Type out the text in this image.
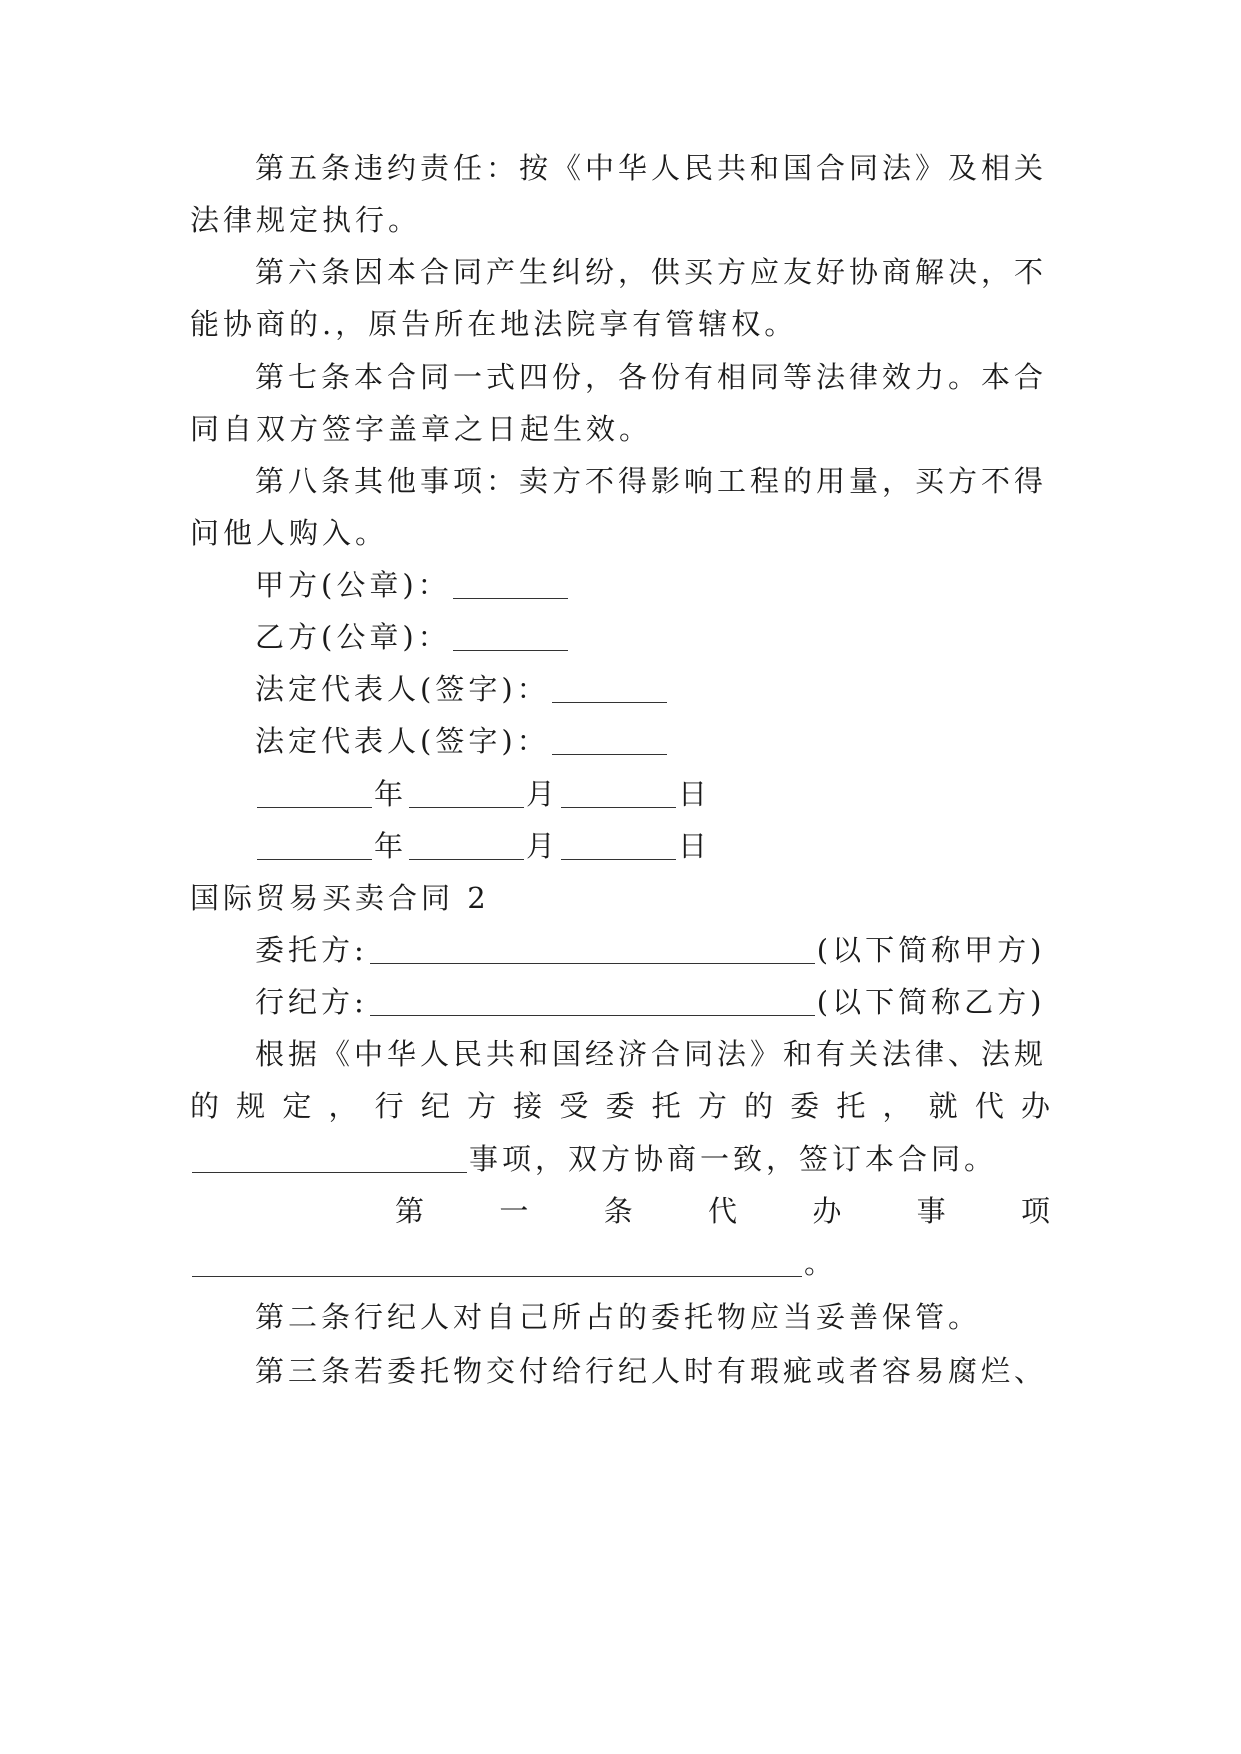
第五条违约责任：按《中华人民共和国合同法》及相关
法律规定执行。
第六条因本合同产生纠纷，供买方应友好协商解决，不
能协商的.，原告所在地法院享有管辖权。
第七条本合同一式四份，各份有相同等法律效力。本合
同自双方签字盖章之日起生效。
第八条其他事项：卖方不得影响工程的用量，买方不得
问他人购入。
甲方(公章)：
乙方(公章)：
法定代表人(签字)：
法定代表人(签字)：
年	月	日
年	月	日
国际贸易买卖合同 2
委托方:	(以下简称甲方)
行纪方:	(以下简称乙方)
根据《中华人民共和国经济合同法》和有关法律、法规
的规定，行纪方接受委托方的委托，就代办
事项，双方协商一致，签订本合同。
第	一	条	代	办	事	项
。
第二条行纪人对自己所占的委托物应当妥善保管。
第三条若委托物交付给行纪人时有瑕疵或者容易腐烂、
